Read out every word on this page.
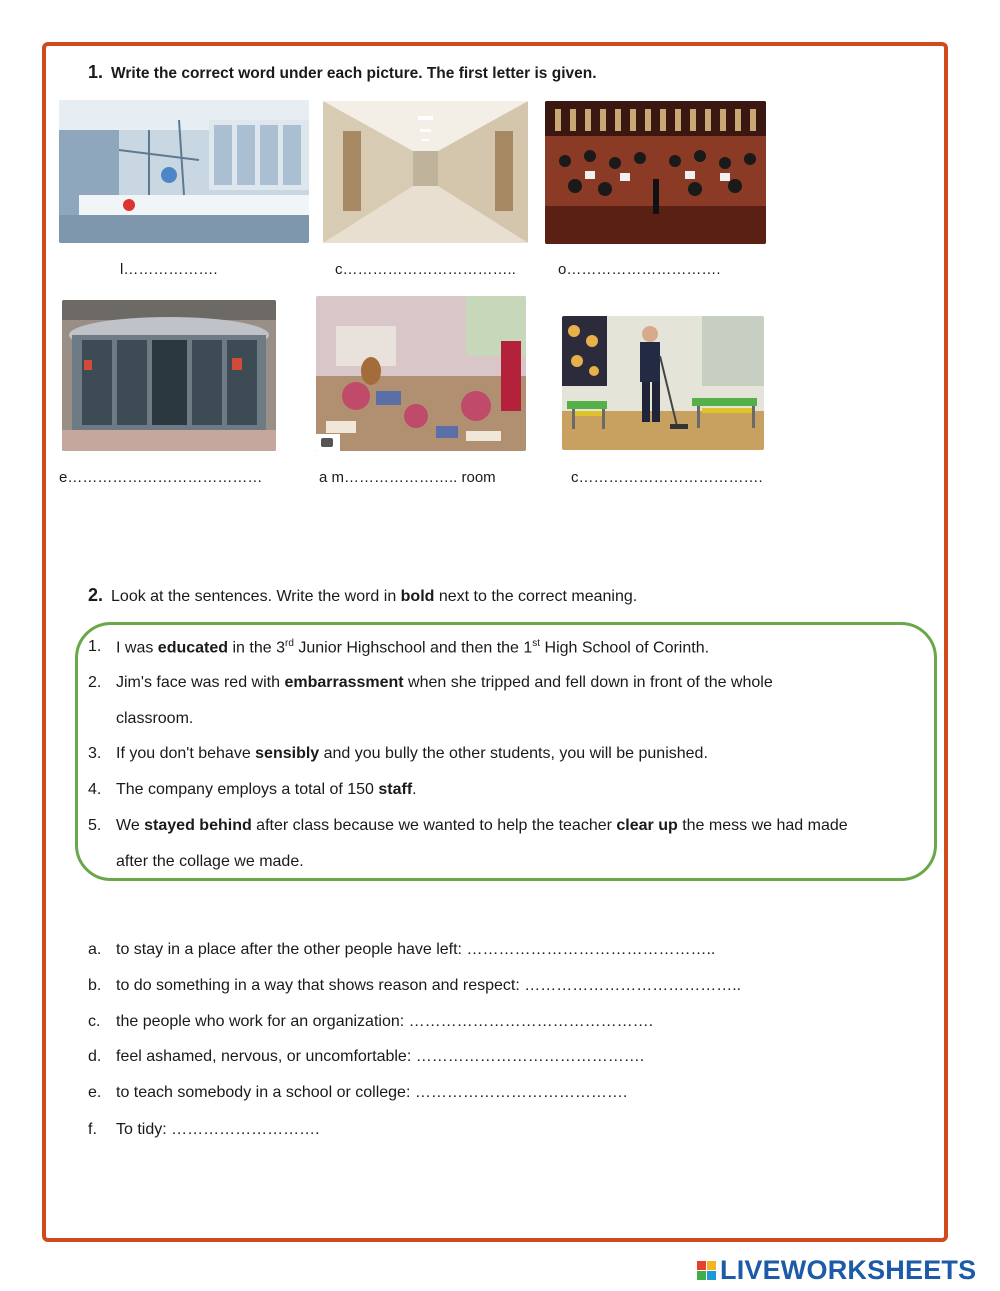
1. Write the correct word under each picture. The first letter is given.
l……………….	c……………………………..	o………………………….
e…………………………………	a m………………….. room	c……………………………….
2. Look at the sentences. Write the word in bold next to the correct meaning.
1. I was educated in the 3rd Junior Highschool and then the 1st High School of Corinth.
2. Jim's face was red with embarrassment when she tripped and fell down in front of the whole
classroom.
3. If you don't behave sensibly and you bully the other students, you will be punished.
4. The company employs a total of 150 staff.
5. We stayed behind after class because we wanted to help the teacher clear up the mess we had made
after the collage we made.
a. to stay in a place after the other people have left: ………………………………………..
b. to do something in a way that shows reason and respect: …………………………………..
c. the people who work for an organization: ……………………………………….
d. feel ashamed, nervous, or uncomfortable: …………………………………….
e. to teach somebody in a school or college: ………………………………….
f. To tidy: ……………………….
LIVEWORKSHEETS
